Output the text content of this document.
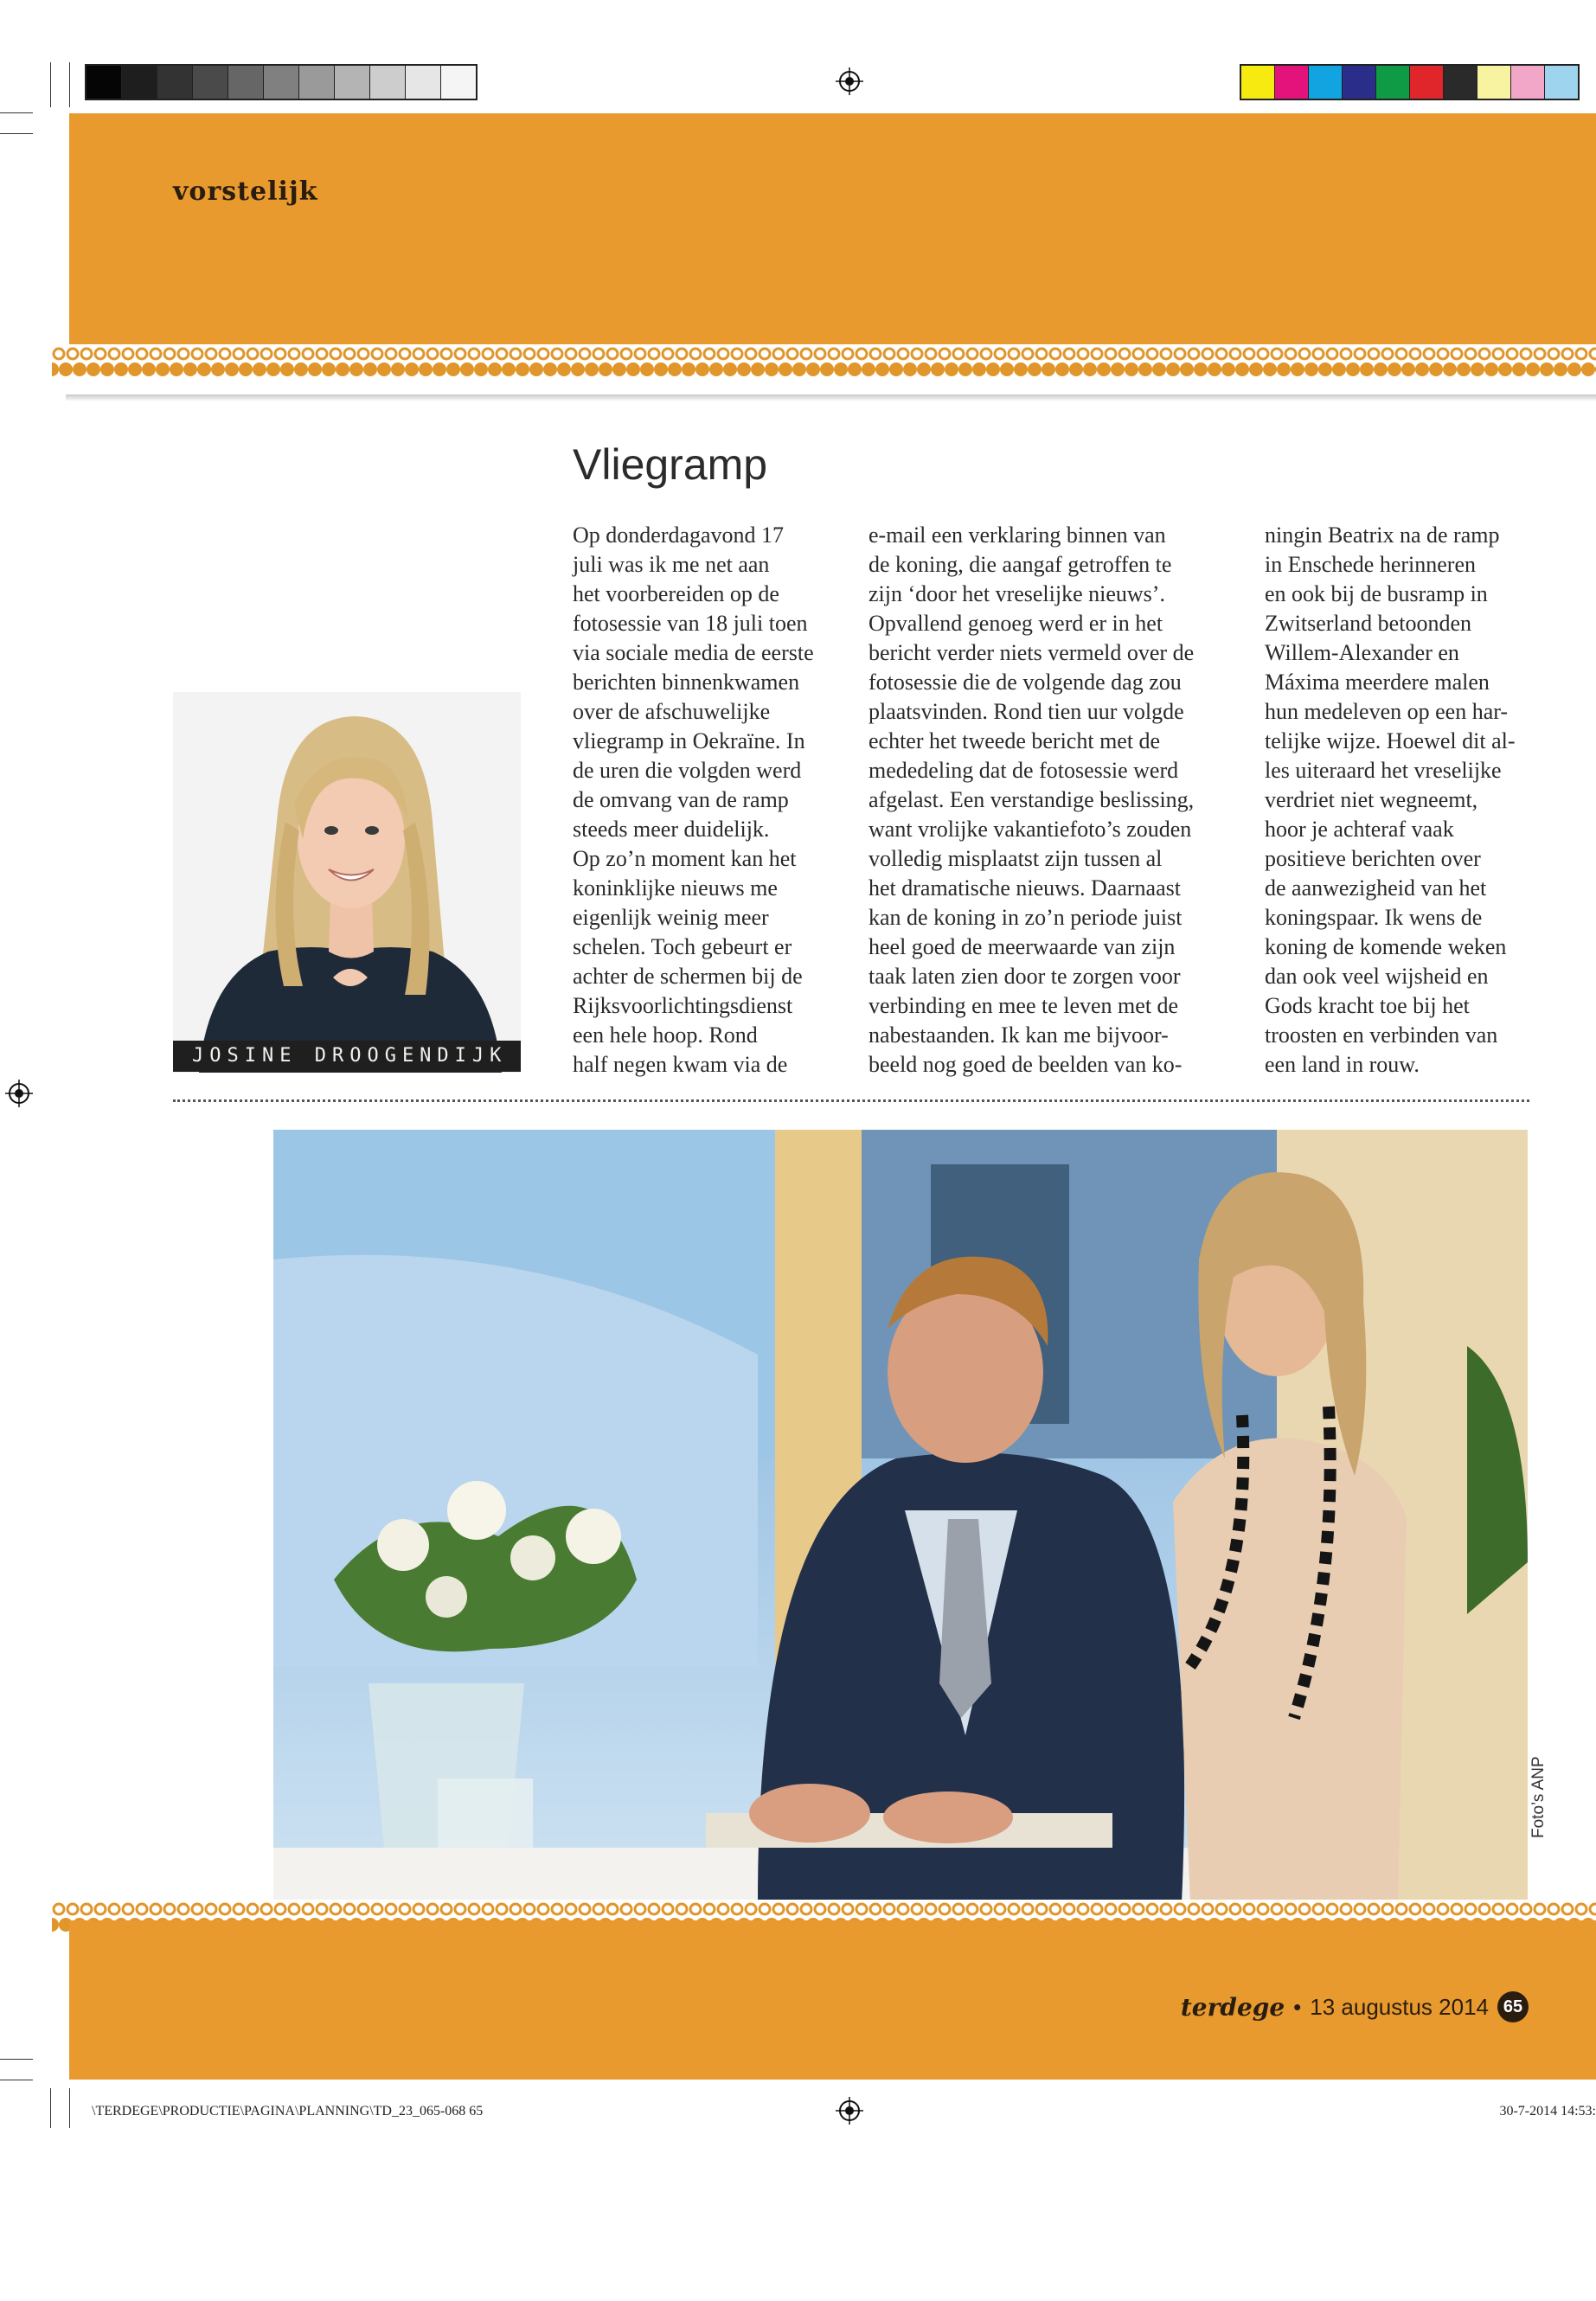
vorstelijk
Vliegramp
Op donderdagavond 17
juli was ik me net aan
het voorbereiden op de
fotosessie van 18 juli toen
via sociale media de eerste
berichten binnenkwamen
over de afschuwelijke
vliegramp in Oekraïne. In
de uren die volgden werd
de omvang van de ramp
steeds meer duidelijk.
Op zo’n moment kan het
koninklijke nieuws me
eigenlijk weinig meer
schelen. Toch gebeurt er
achter de schermen bij de
Rijksvoorlichtingsdienst
een hele hoop. Rond
half negen kwam via de
e-mail een verklaring binnen van
de koning, die aangaf getroffen te
zijn ‘door het vreselijke nieuws’.
Opvallend genoeg werd er in het
bericht verder niets vermeld over de
fotosessie die de volgende dag zou
plaatsvinden. Rond tien uur volgde
echter het tweede bericht met de
mededeling dat de fotosessie werd
afgelast. Een verstandige beslissing,
want vrolijke vakantiefoto’s zouden
volledig misplaatst zijn tussen al
het dramatische nieuws. Daarnaast
kan de koning in zo’n periode juist
heel goed de meerwaarde van zijn
taak laten zien door te zorgen voor
verbinding en mee te leven met de
nabestaanden. Ik kan me bijvoor-
beeld nog goed de beelden van ko-
ningin Beatrix na de ramp
in Enschede herinneren
en ook bij de busramp in
Zwitserland betoonden
Willem-Alexander en
Máxima meerdere malen
hun medeleven op een har-
telijke wijze. Hoewel dit al-
les uiteraard het vreselijke
verdriet niet wegneemt,
hoor je achteraf vaak
positieve berichten over
de aanwezigheid van het
koningspaar. Ik wens de
koning de komende weken
dan ook veel wijsheid en
Gods kracht toe bij het
troosten en verbinden van
een land in rouw.
JOSINE DROOGENDIJK
Foto’s ANP
terdege • 13 augustus 2014 65
\TERDEGE\PRODUCTIE\PAGINA\PLANNING\TD_23_065-068 65	30-7-2014 14:53:
